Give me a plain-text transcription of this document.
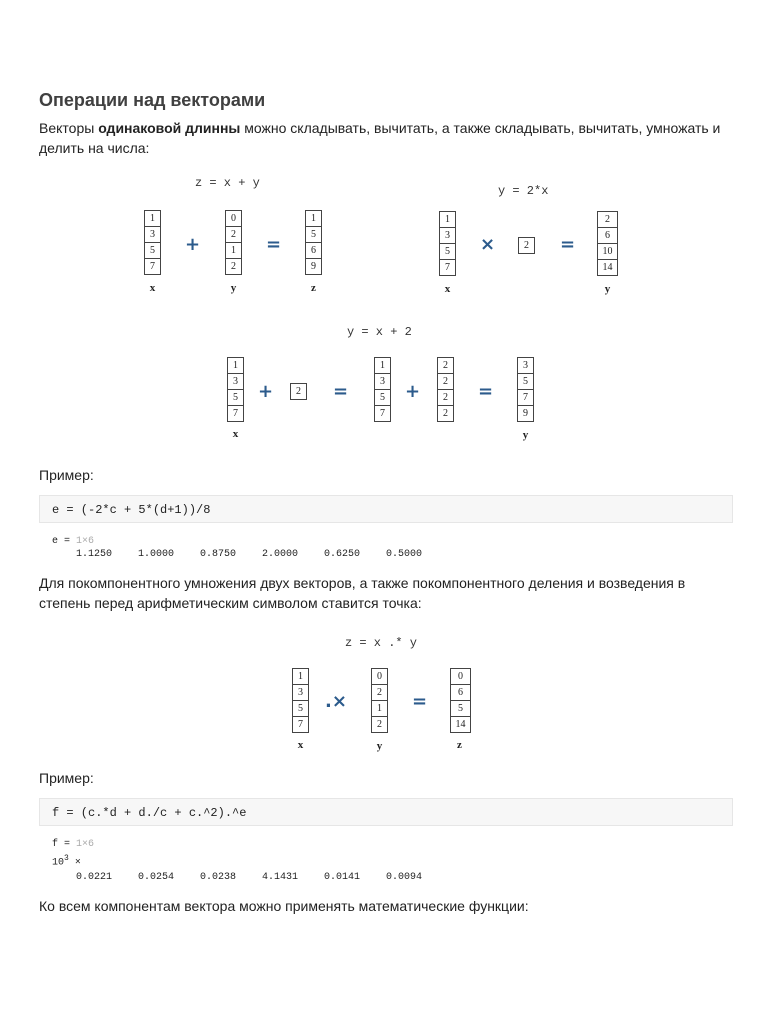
Операции над векторами
Векторы одинаковой длинны можно складывать, вычитать, а также складывать, вычитать, умножать и делить на числа:
z = x + y
1
3
5
7
x
+
0
2
1
2
y
=
1
5
6
9
z
y = 2*x
1
3
5
7
x
×	2	=
2
6
10
14
y
y = x + 2
1
3
5
7
x
+	2	=
1
3
5
7
+
2
2
2
2
=
3
5
7
9
y
Пример:
e = (-2*c + 5*(d+1))/8
e = 1×6
1.1250	1.0000	0.8750	2.0000	0.6250	0.5000
Для покомпонентного умножения двух векторов, а также покомпонентного деления и возведения в степень перед арифметическим символом ставится точка:
z = x .* y
1
3
5
7
x
.×
0
2
1
2
y
=
0
6
5
14
z
Пример:
f = (c.*d + d./c + c.^2).^e
f = 1×6
$10^3$ ×
0.0221	0.0254	0.0238	4.1431	0.0141	0.0094
Ко всем компонентам вектора можно применять математические функции:
